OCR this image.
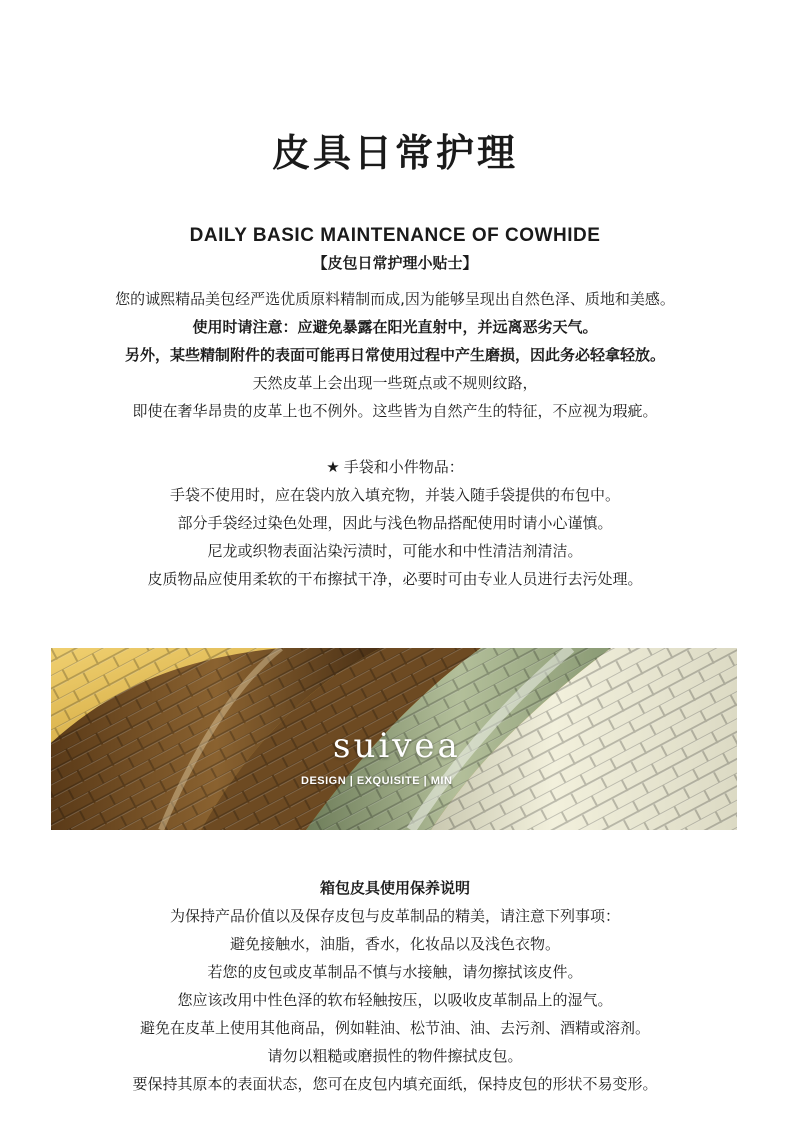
皮具日常护理
DAILY BASIC MAINTENANCE OF COWHIDE
【皮包日常护理小贴士】
您的诚熙精品美包经严选优质原料精制而成,因为能够呈现出自然色泽、质地和美感。
使用时请注意：应避免暴露在阳光直射中，并远离恶劣天气。
另外，某些精制附件的表面可能再日常使用过程中产生磨损，因此务必轻拿轻放。
天然皮革上会出现一些斑点或不规则纹路，
即使在奢华昂贵的皮革上也不例外。这些皆为自然产生的特征，不应视为瑕疵。
★ 手袋和小件物品：
手袋不使用时，应在袋内放入填充物，并装入随手袋提供的布包中。
部分手袋经过染色处理，因此与浅色物品搭配使用时请小心谨慎。
尼龙或织物表面沾染污渍时，可能水和中性清洁剂清洁。
皮质物品应使用柔软的干布擦拭干净，必要时可由专业人员进行去污处理。
suivea
DESIGN | EXQUISITE | MIN
箱包皮具使用保养说明
为保持产品价值以及保存皮包与皮革制品的精美，请注意下列事项：
避免接触水，油脂，香水，化妆品以及浅色衣物。
若您的皮包或皮革制品不慎与水接触，请勿擦拭该皮件。
您应该改用中性色泽的软布轻触按压，以吸收皮革制品上的湿气。
避免在皮革上使用其他商品，例如鞋油、松节油、油、去污剂、酒精或溶剂。
请勿以粗糙或磨损性的物件擦拭皮包。
要保持其原本的表面状态，您可在皮包内填充面纸，保持皮包的形状不易变形。
